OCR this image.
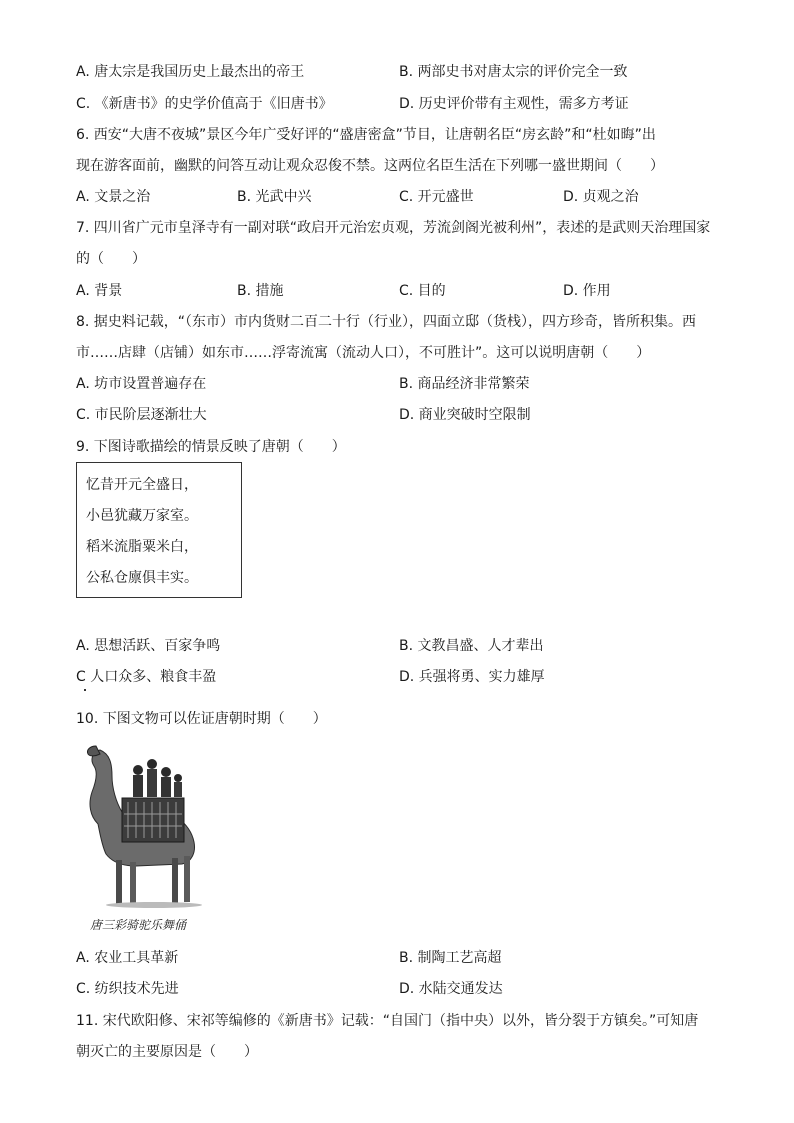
A. 唐太宗是我国历史上最杰出的帝王	B. 两部史书对唐太宗的评价完全一致
C. 《新唐书》的史学价值高于《旧唐书》	D. 历史评价带有主观性，需多方考证
6. 西安“大唐不夜城”景区今年广受好评的“盛唐密盒”节目，让唐朝名臣“房玄龄”和“杜如晦”出
现在游客面前，幽默的问答互动让观众忍俊不禁。这两位名臣生活在下列哪一盛世期间（　　）
A. 文景之治	B. 光武中兴	C. 开元盛世	D. 贞观之治
7. 四川省广元市皇泽寺有一副对联“政启开元治宏贞观，芳流剑阁光被利州”，表述的是武则天治理国家
的（　　）
A. 背景	B. 措施	C. 目的	D. 作用
8. 据史料记载，“（东市）市内货财二百二十行（行业），四面立邸（货栈），四方珍奇，皆所积集。西
市……店肆（店铺）如东市……浮寄流寓（流动人口），不可胜计”。这可以说明唐朝（　　）
A. 坊市设置普遍存在	B. 商品经济非常繁荣
C. 市民阶层逐渐壮大	D. 商业突破时空限制
9. 下图诗歌描绘的情景反映了唐朝（　　）
忆昔开元全盛日，
小邑犹藏万家室。
稻米流脂粟米白，
公私仓廪俱丰实。
A. 思想活跃、百家争鸣	B. 文教昌盛、人才辈出
C 人口众多、粮食丰盈	D. 兵强将勇、实力雄厚
10. 下图文物可以佐证唐朝时期（　　）
唐三彩骑驼乐舞俑
A. 农业工具革新	B. 制陶工艺高超
C. 纺织技术先进	D. 水陆交通发达
11. 宋代欧阳修、宋祁等编修的《新唐书》记载：“自国门（指中央）以外，皆分裂于方镇矣。”可知唐
朝灭亡的主要原因是（　　）
